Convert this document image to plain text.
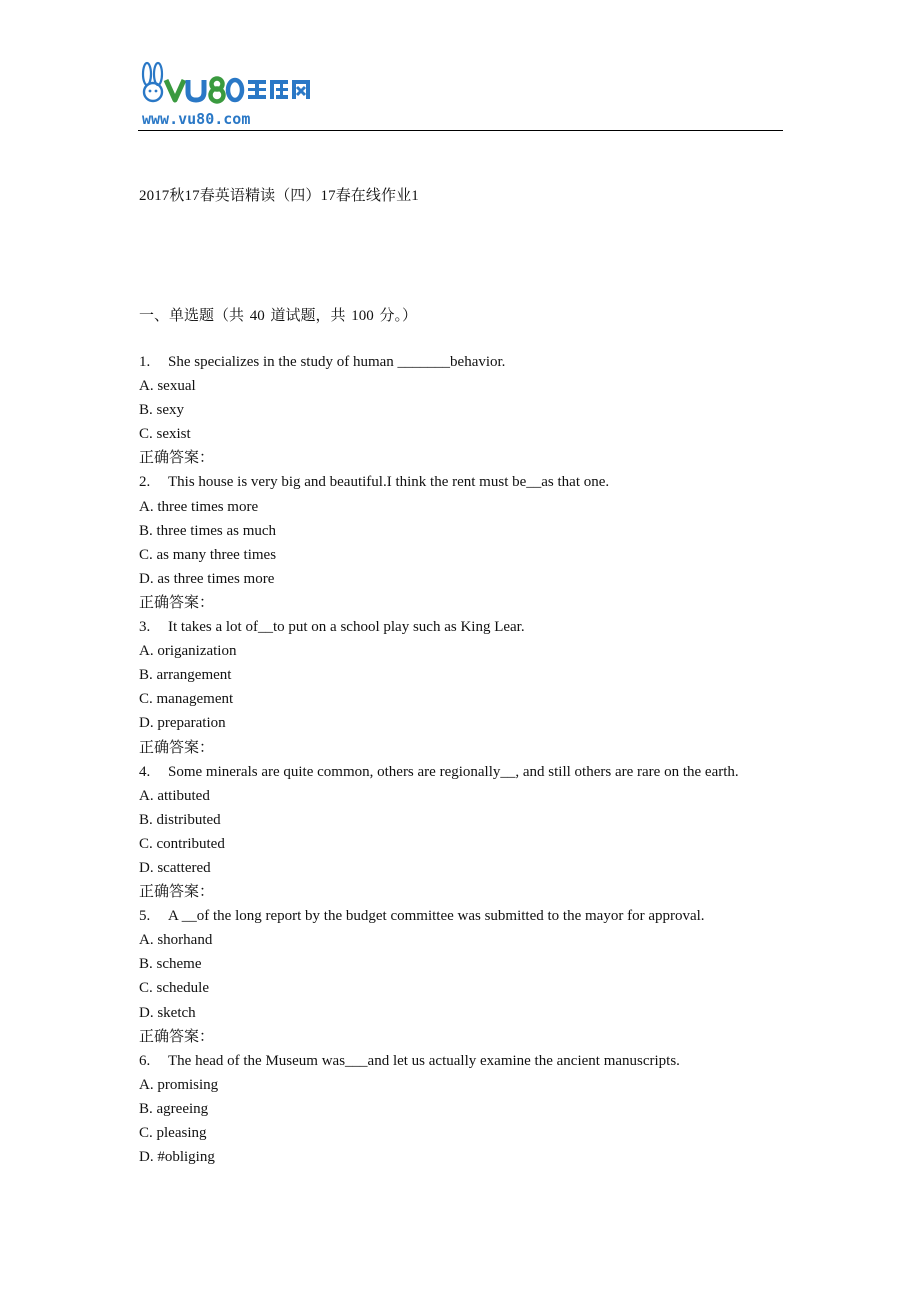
www.vu80.com
2017秋17春英语精读（四）17春在线作业1
一、单选题（共 40 道试题，共 100 分。）
1. She specializes in the study of human _______behavior.
A. sexual
B. sexy
C. sexist
正确答案：
2. This house is very big and beautiful.I think the rent must be__as that one.
A. three times more
B. three times as much
C. as many three times
D. as three times more
正确答案：
3. It takes a lot of__to put on a school play such as King Lear.
A. origanization
B. arrangement
C. management
D. preparation
正确答案：
4. Some minerals are quite common, others are regionally__, and still others are rare on the earth.
A. attibuted
B. distributed
C. contributed
D. scattered
正确答案：
5. A __of the long report by the budget committee was submitted to the mayor for approval.
A. shorhand
B. scheme
C. schedule
D. sketch
正确答案：
6. The head of the Museum was___and let us actually examine the ancient manuscripts.
A. promising
B. agreeing
C. pleasing
D. #obliging
